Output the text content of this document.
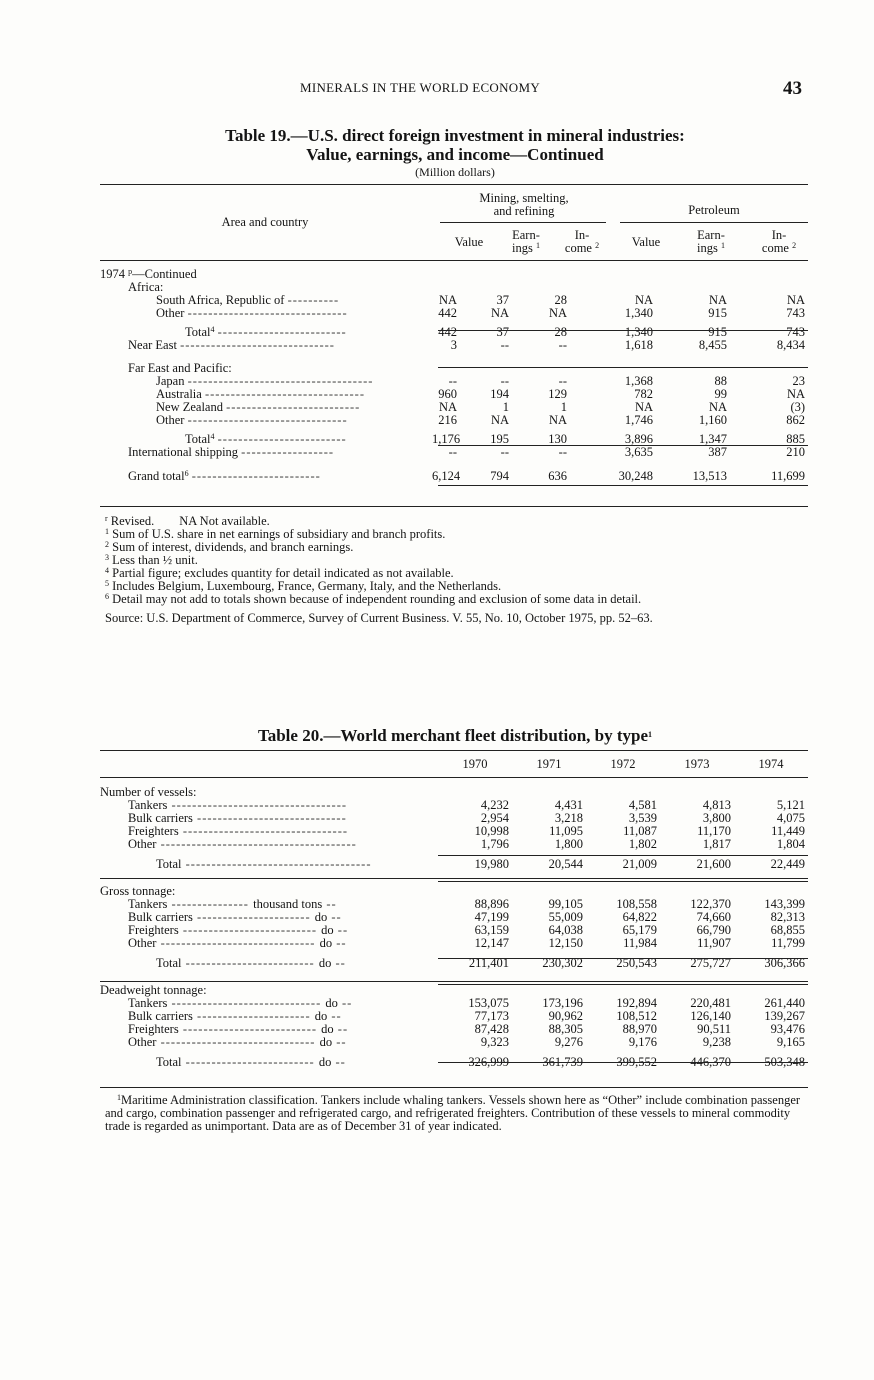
MINERALS IN THE WORLD ECONOMY	43
Table 19.—U.S. direct foreign investment in mineral industries:
Value, earnings, and income—Continued
(Million dollars)
Area and country
Mining, smelting,
and refining	Petroleum
Value	Earn-
ings $^1$
In-
come $^2$	Value	Earn-
ings $^1$
In-
come $^2$
1974 $^p$—Continued						
Africa:						
South Africa, Republic of ----------	NA	37	28	NA	NA	NA
Other -------------------------------	442	NA	NA	1,340	915	743

Total$^4$ -------------------------	442	37	28	1,340	915	743
Near East ------------------------------	3	--	--	1,618	8,455	8,434

Far East and Pacific:						
Japan ------------------------------------	--	--	--	1,368	88	23
Australia -------------------------------	960	194	129	782	99	NA
New Zealand --------------------------	NA	1	1	NA	NA	(3)
Other -------------------------------	216	NA	NA	1,746	1,160	862

Total$^4$ -------------------------	1,176	195	130	3,896	1,347	885
International shipping ------------------	--	--	--	3,635	387	210

Grand total$^6$ -------------------------	6,124	794	636	30,248	13,513	11,699

$^r$ Revised.  NA Not available.

$^1$ Sum of U.S. share in net earnings of subsidiary and branch profits.

$^2$ Sum of interest, dividends, and branch earnings.

$^3$ Less than ½ unit.

$^4$ Partial figure; excludes quantity for detail indicated as not available.

$^5$ Includes Belgium, Luxembourg, France, Germany, Italy, and the Netherlands.

$^6$ Detail may not add to totals shown because of independent rounding and exclusion of some data in detail.

Source: U.S. Department of Commerce, Survey of Current Business. V. 55, No. 10, October 1975, pp. 52–63.

Table 20.—World merchant fleet distribution, by type$^1$
1970	1971	1972	1973	1974
Number of vessels:					
Tankers ----------------------------------	4,232	4,431	4,581	4,813	5,121
Bulk carriers -----------------------------	2,954	3,218	3,539	3,800	4,075
Freighters --------------------------------	10,998	11,095	11,087	11,170	11,449
Other --------------------------------------	1,796	1,800	1,802	1,817	1,804

Total ------------------------------------	19,980	20,544	21,009	21,600	22,449

Gross tonnage:					
Tankers --------------- thousand tons --	88,896	99,105	108,558	122,370	143,399
Bulk carriers ---------------------- do --	47,199	55,009	64,822	74,660	82,313
Freighters -------------------------- do --	63,159	64,038	65,179	66,790	68,855
Other ------------------------------ do --	12,147	12,150	11,984	11,907	11,799

Total ------------------------- do --	211,401	230,302	250,543	275,727	306,366

Deadweight tonnage:					
Tankers ----------------------------- do --	153,075	173,196	192,894	220,481	261,440
Bulk carriers ---------------------- do --	77,173	90,962	108,512	126,140	139,267
Freighters -------------------------- do --	87,428	88,305	88,970	90,511	93,476
Other ------------------------------ do --	9,323	9,276	9,176	9,238	9,165

Total ------------------------- do --	326,999	361,739	399,552	446,370	503,348

$^1$Maritime Administration classification. Tankers include whaling tankers. Vessels shown here as “Other” include combination passenger and cargo, combination passenger and refrigerated cargo, and refrigerated freighters. Contribution of these vessels to mineral commodity trade is regarded as unimportant. Data are as of December 31 of year indicated.
